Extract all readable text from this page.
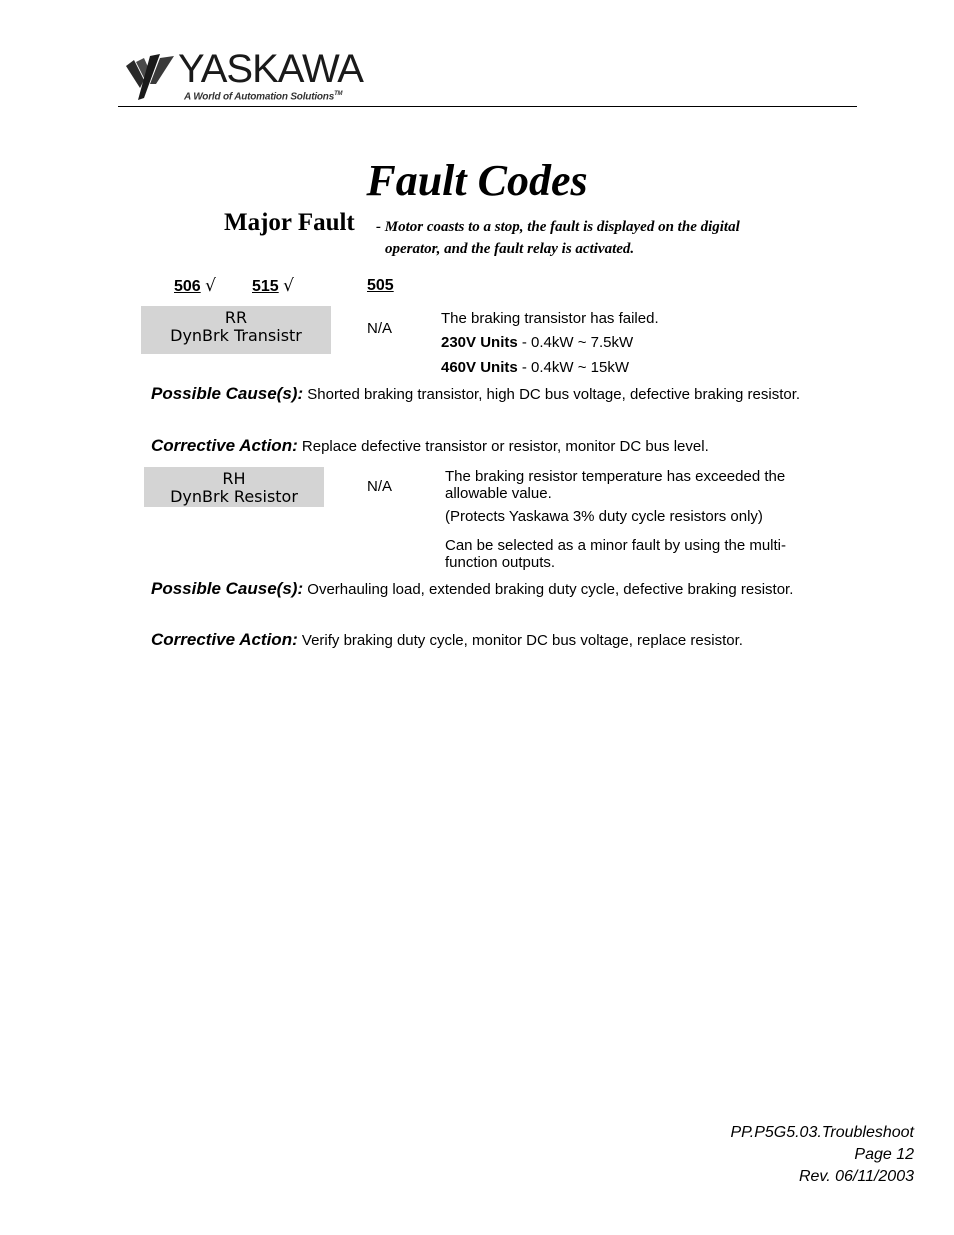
YASKAWA
A World of Automation Solutions™
Fault Codes
Major Fault - Motor coasts to a stop, the fault is displayed on the digital
operator, and the fault relay is activated.
506 √ 515 √	505
RR
DynBrk Transistr	N/A
The braking transistor has failed.
230V Units - 0.4kW ~ 7.5kW
460V Units - 0.4kW ~ 15kW
Possible Cause(s): Shorted braking transistor, high DC bus voltage, defective braking resistor.
Corrective Action: Replace defective transistor or resistor, monitor DC bus level.
RH
DynBrk Resistor
N/A
The braking resistor temperature has exceeded the allowable value.
(Protects Yaskawa 3% duty cycle resistors only)
Can be selected as a minor fault by using the multi-function outputs.
Possible Cause(s): Overhauling load, extended braking duty cycle, defective braking resistor.
Corrective Action: Verify braking duty cycle, monitor DC bus voltage, replace resistor.
PP.P5G5.03.Troubleshoot
Page 12
Rev. 06/11/2003
